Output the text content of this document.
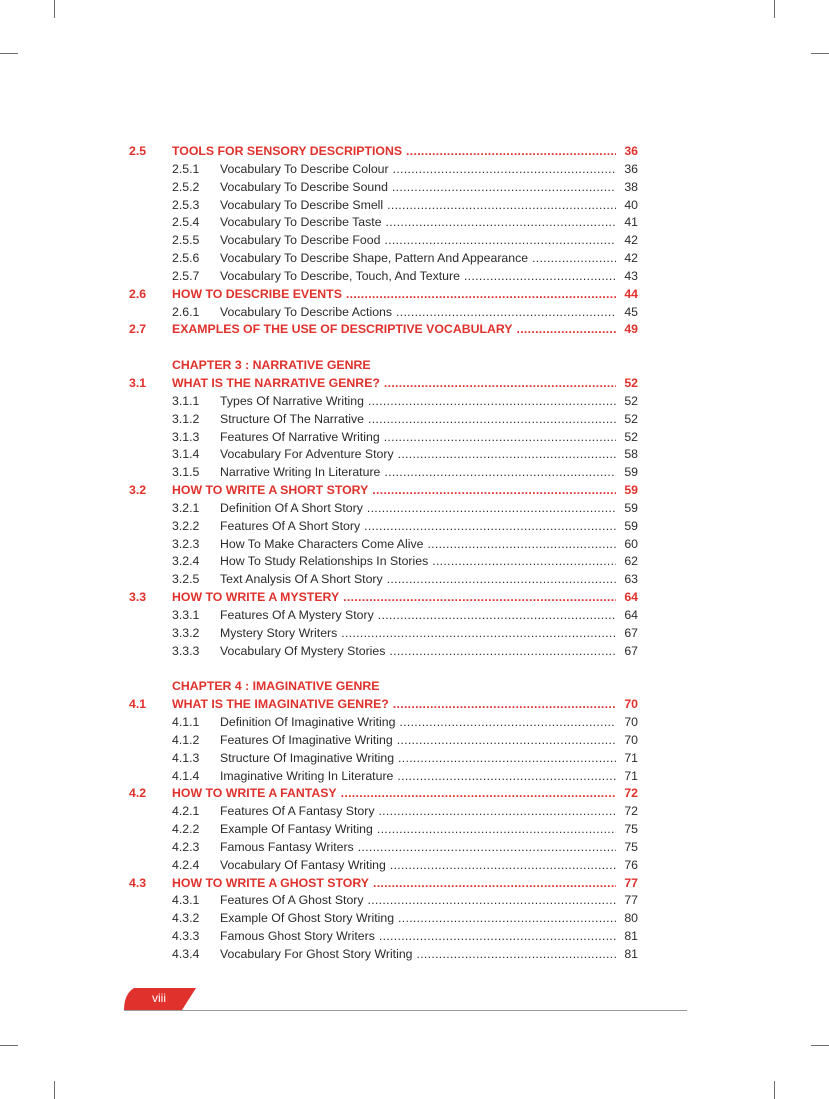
2.5 TOOLS FOR SENSORY DESCRIPTIONS .....	36
2.5.1 Vocabulary To Describe Colour .....	36
2.5.2 Vocabulary To Describe Sound .....	38
2.5.3 Vocabulary To Describe Smell .....	40
2.5.4 Vocabulary To Describe Taste .....	41
2.5.5 Vocabulary To Describe Food .....	42
2.5.6 Vocabulary To Describe Shape, Pattern And Appearance .....	42
2.5.7 Vocabulary To Describe, Touch, And Texture .....	43
2.6 HOW TO DESCRIBE EVENTS .....	44
2.6.1 Vocabulary To Describe Actions .....	45
2.7 EXAMPLES OF THE USE OF DESCRIPTIVE VOCABULARY .....	49
CHAPTER 3 : NARRATIVE GENRE
3.1 WHAT IS THE NARRATIVE GENRE? .....	52
3.1.1 Types Of Narrative Writing .....	52
3.1.2 Structure Of The Narrative .....	52
3.1.3 Features Of Narrative Writing .....	52
3.1.4 Vocabulary For Adventure Story .....	58
3.1.5 Narrative Writing In Literature .....	59
3.2 HOW TO WRITE A SHORT STORY .....	59
3.2.1 Definition Of A Short Story .....	59
3.2.2 Features Of A Short Story .....	59
3.2.3 How To Make Characters Come Alive .....	60
3.2.4 How To Study Relationships In Stories .....	62
3.2.5 Text Analysis Of A Short Story .....	63
3.3 HOW TO WRITE A MYSTERY .....	64
3.3.1 Features Of A Mystery Story .....	64
3.3.2 Mystery Story Writers .....	67
3.3.3 Vocabulary Of Mystery Stories .....	67
CHAPTER 4 : IMAGINATIVE GENRE
4.1 WHAT IS THE IMAGINATIVE GENRE? .....	70
4.1.1 Definition Of Imaginative Writing .....	70
4.1.2 Features Of Imaginative Writing .....	70
4.1.3 Structure Of Imaginative Writing .....	71
4.1.4 Imaginative Writing In Literature .....	71
4.2 HOW TO WRITE A FANTASY .....	72
4.2.1 Features Of A Fantasy Story .....	72
4.2.2 Example Of Fantasy Writing .....	75
4.2.3 Famous Fantasy Writers .....	75
4.2.4 Vocabulary Of Fantasy Writing .....	76
4.3 HOW TO WRITE A GHOST STORY .....	77
4.3.1 Features Of A Ghost Story .....	77
4.3.2 Example Of Ghost Story Writing .....	80
4.3.3 Famous Ghost Story Writers .....	81
4.3.4 Vocabulary For Ghost Story Writing .....	81
viii
